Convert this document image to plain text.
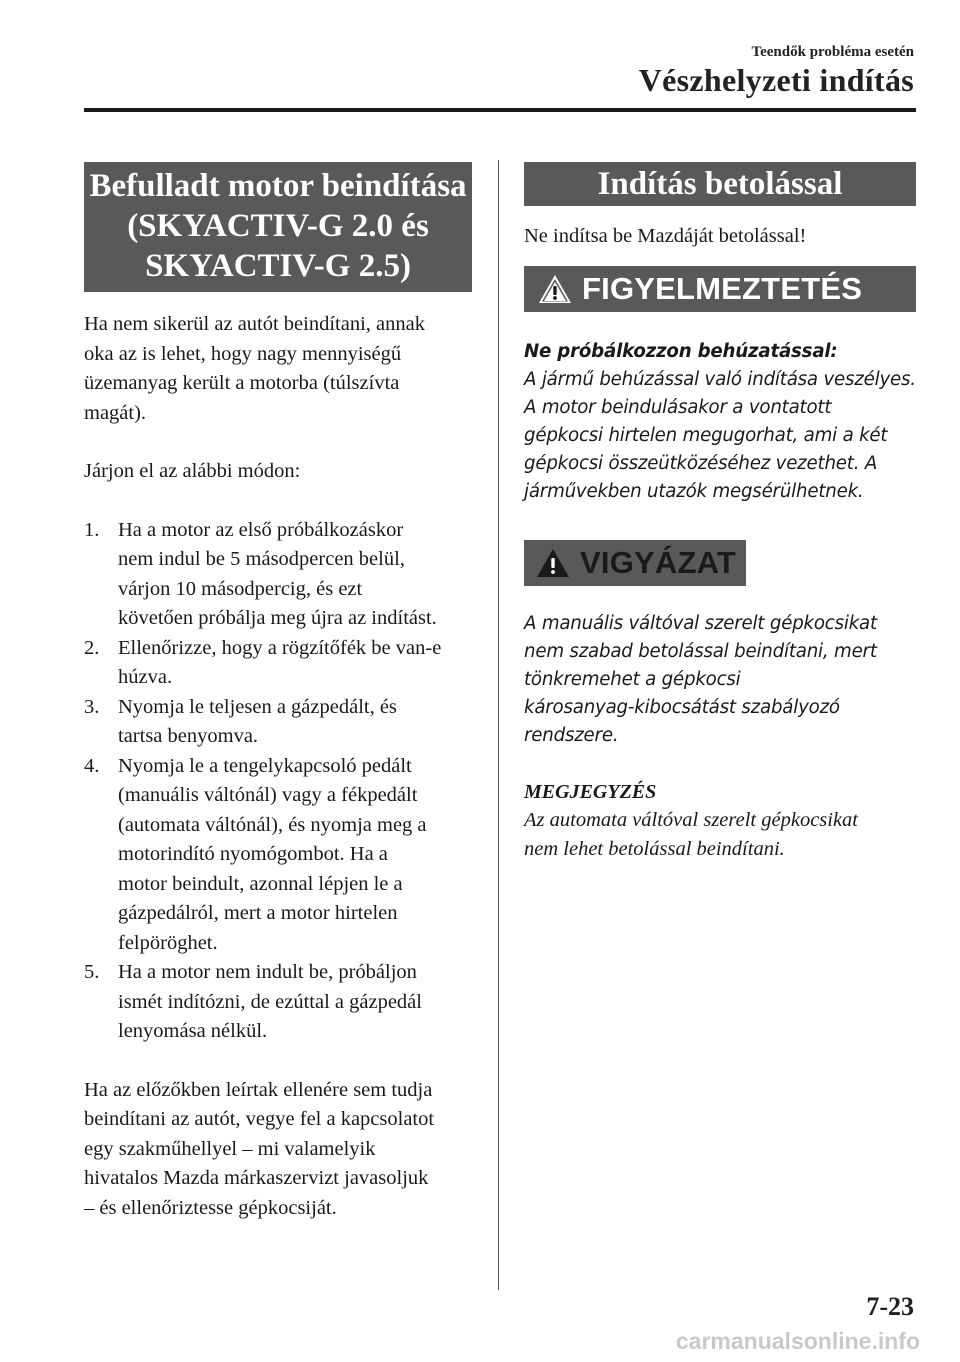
Teendők probléma esetén
Vészhelyzeti indítás
Befulladt motor beindítása
(SKYACTIV-G 2.0 és
SKYACTIV-G 2.5)

Ha nem sikerül az autót beindítani, annak
oka az is lehet, hogy nagy mennyiségű
üzemanyag került a motorba (túlszívta
magát).

Járjon el az alábbi módon:

1. Ha a motor az első próbálkozáskor
nem indul be 5 másodpercen belül,
várjon 10 másodpercig, és ezt
követően próbálja meg újra az indítást.
2. Ellenőrizze, hogy a rögzítőfék be van-e
húzva.
3. Nyomja le teljesen a gázpedált, és
tartsa benyomva.
4. Nyomja le a tengelykapcsoló pedált
(manuális váltónál) vagy a fékpedált
(automata váltónál), és nyomja meg a
motorindító nyomógombot. Ha a
motor beindult, azonnal lépjen le a
gázpedálról, mert a motor hirtelen
felpöröghet.
5. Ha a motor nem indult be, próbáljon
ismét indítózni, de ezúttal a gázpedál
lenyomása nélkül.

Ha az előzőkben leírtak ellenére sem tudja
beindítani az autót, vegye fel a kapcsolatot
egy szakműhellyel – mi valamelyik
hivatalos Mazda márkaszervizt javasoljuk
– és ellenőriztesse gépkocsiját.

Indítás betolással

Ne indítsa be Mazdáját betolással!

FIGYELMEZTETÉS

Ne próbálkozzon behúzatással:

A jármű behúzással való indítása veszélyes.
A motor beindulásakor a vontatott
gépkocsi hirtelen megugorhat, ami a két
gépkocsi összeütközéséhez vezethet. A
járművekben utazók megsérülhetnek.

VIGYÁZAT

A manuális váltóval szerelt gépkocsikat
nem szabad betolással beindítani, mert
tönkremehet a gépkocsi
károsanyag-kibocsátást szabályozó
rendszere.

MEGJEGYZÉS

Az automata váltóval szerelt gépkocsikat
nem lehet betolással beindítani.

7-23
carmanualsonline.info
